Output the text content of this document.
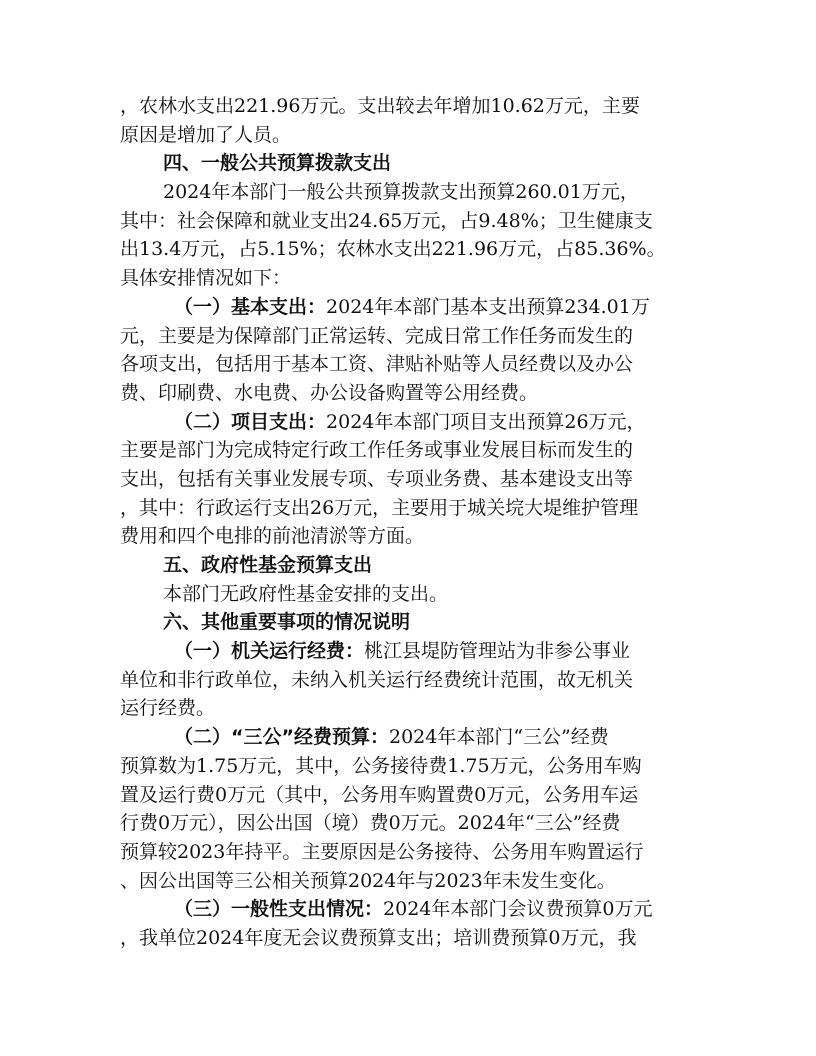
，农林水支出221.96万元。支出较去年增加10.62万元，主要
原因是增加了人员。
四、一般公共预算拨款支出
2024年本部门一般公共预算拨款支出预算260.01万元，
其中：社会保障和就业支出24.65万元，占9.48%；卫生健康支
出13.4万元，占5.15%；农林水支出221.96万元，占85.36%。
具体安排情况如下：
（一）基本支出：2024年本部门基本支出预算234.01万
元，主要是为保障部门正常运转、完成日常工作任务而发生的
各项支出，包括用于基本工资、津贴补贴等人员经费以及办公
费、印刷费、水电费、办公设备购置等公用经费。
（二）项目支出：2024年本部门项目支出预算26万元，
主要是部门为完成特定行政工作任务或事业发展目标而发生的
支出，包括有关事业发展专项、专项业务费、基本建设支出等
，其中：行政运行支出26万元，主要用于城关垸大堤维护管理
费用和四个电排的前池清淤等方面。
五、政府性基金预算支出
本部门无政府性基金安排的支出。
六、其他重要事项的情况说明
（一）机关运行经费：桃江县堤防管理站为非参公事业
单位和非行政单位，未纳入机关运行经费统计范围，故无机关
运行经费。
（二）“三公”经费预算：2024年本部门“三公”经费
预算数为1.75万元，其中，公务接待费1.75万元，公务用车购
置及运行费0万元（其中，公务用车购置费0万元，公务用车运
行费0万元），因公出国（境）费0万元。2024年“三公”经费
预算较2023年持平。主要原因是公务接待、公务用车购置运行
、因公出国等三公相关预算2024年与2023年未发生变化。
（三）一般性支出情况：2024年本部门会议费预算0万元
，我单位2024年度无会议费预算支出；培训费预算0万元，我
